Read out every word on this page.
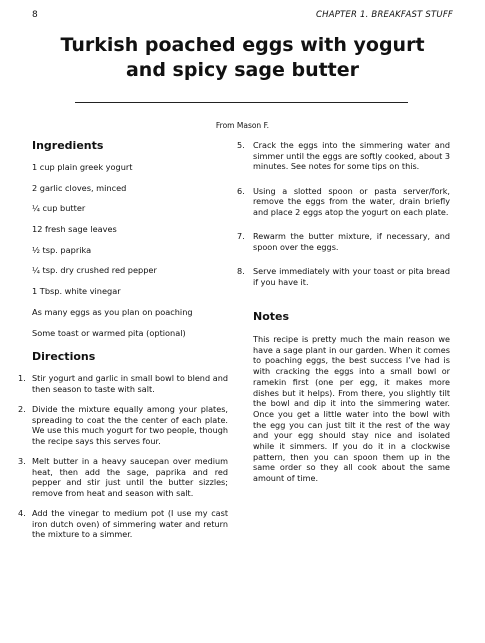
8	CHAPTER 1. BREAKFAST STUFF
Turkish poached eggs with yogurt
and spicy sage butter
From Mason F.
Ingredients
1 cup plain greek yogurt
2 garlic cloves, minced
¼ cup butter
12 fresh sage leaves
½ tsp. paprika
¼ tsp. dry crushed red pepper
1 Tbsp. white vinegar
As many eggs as you plan on poaching
Some toast or warmed pita (optional)
Directions
1. Stir yogurt and garlic in small bowl to blend and then season to taste with salt.
2. Divide the mixture equally among your plates, spreading to coat the the center of each plate. We use this much yogurt for two people, though the recipe says this serves four.
3. Melt butter in a heavy saucepan over medium heat, then add the sage, paprika and red pepper and stir just until the butter sizzles; remove from heat and season with salt.
4. Add the vinegar to medium pot (I use my cast iron dutch oven) of simmering water and return the mixture to a simmer.
5. Crack the eggs into the simmering water and simmer until the eggs are softly cooked, about 3 minutes. See notes for some tips on this.
6. Using a slotted spoon or pasta server/fork, remove the eggs from the water, drain briefly and place 2 eggs atop the yogurt on each plate.
7. Rewarm the butter mixture, if necessary, and spoon over the eggs.
8. Serve immediately with your toast or pita bread if you have it.
Notes

This recipe is pretty much the main reason we have a sage plant in our garden. When it comes to poaching eggs, the best success I’ve had is with cracking the eggs into a small bowl or ramekin first (one per egg, it makes more dishes but it helps). From there, you slightly tilt the bowl and dip it into the simmering water. Once you get a little water into the bowl with the egg you can just tilt it the rest of the way and your egg should stay nice and isolated while it simmers. If you do it in a clockwise pattern, then you can spoon them up in the same order so they all cook about the same amount of time.
